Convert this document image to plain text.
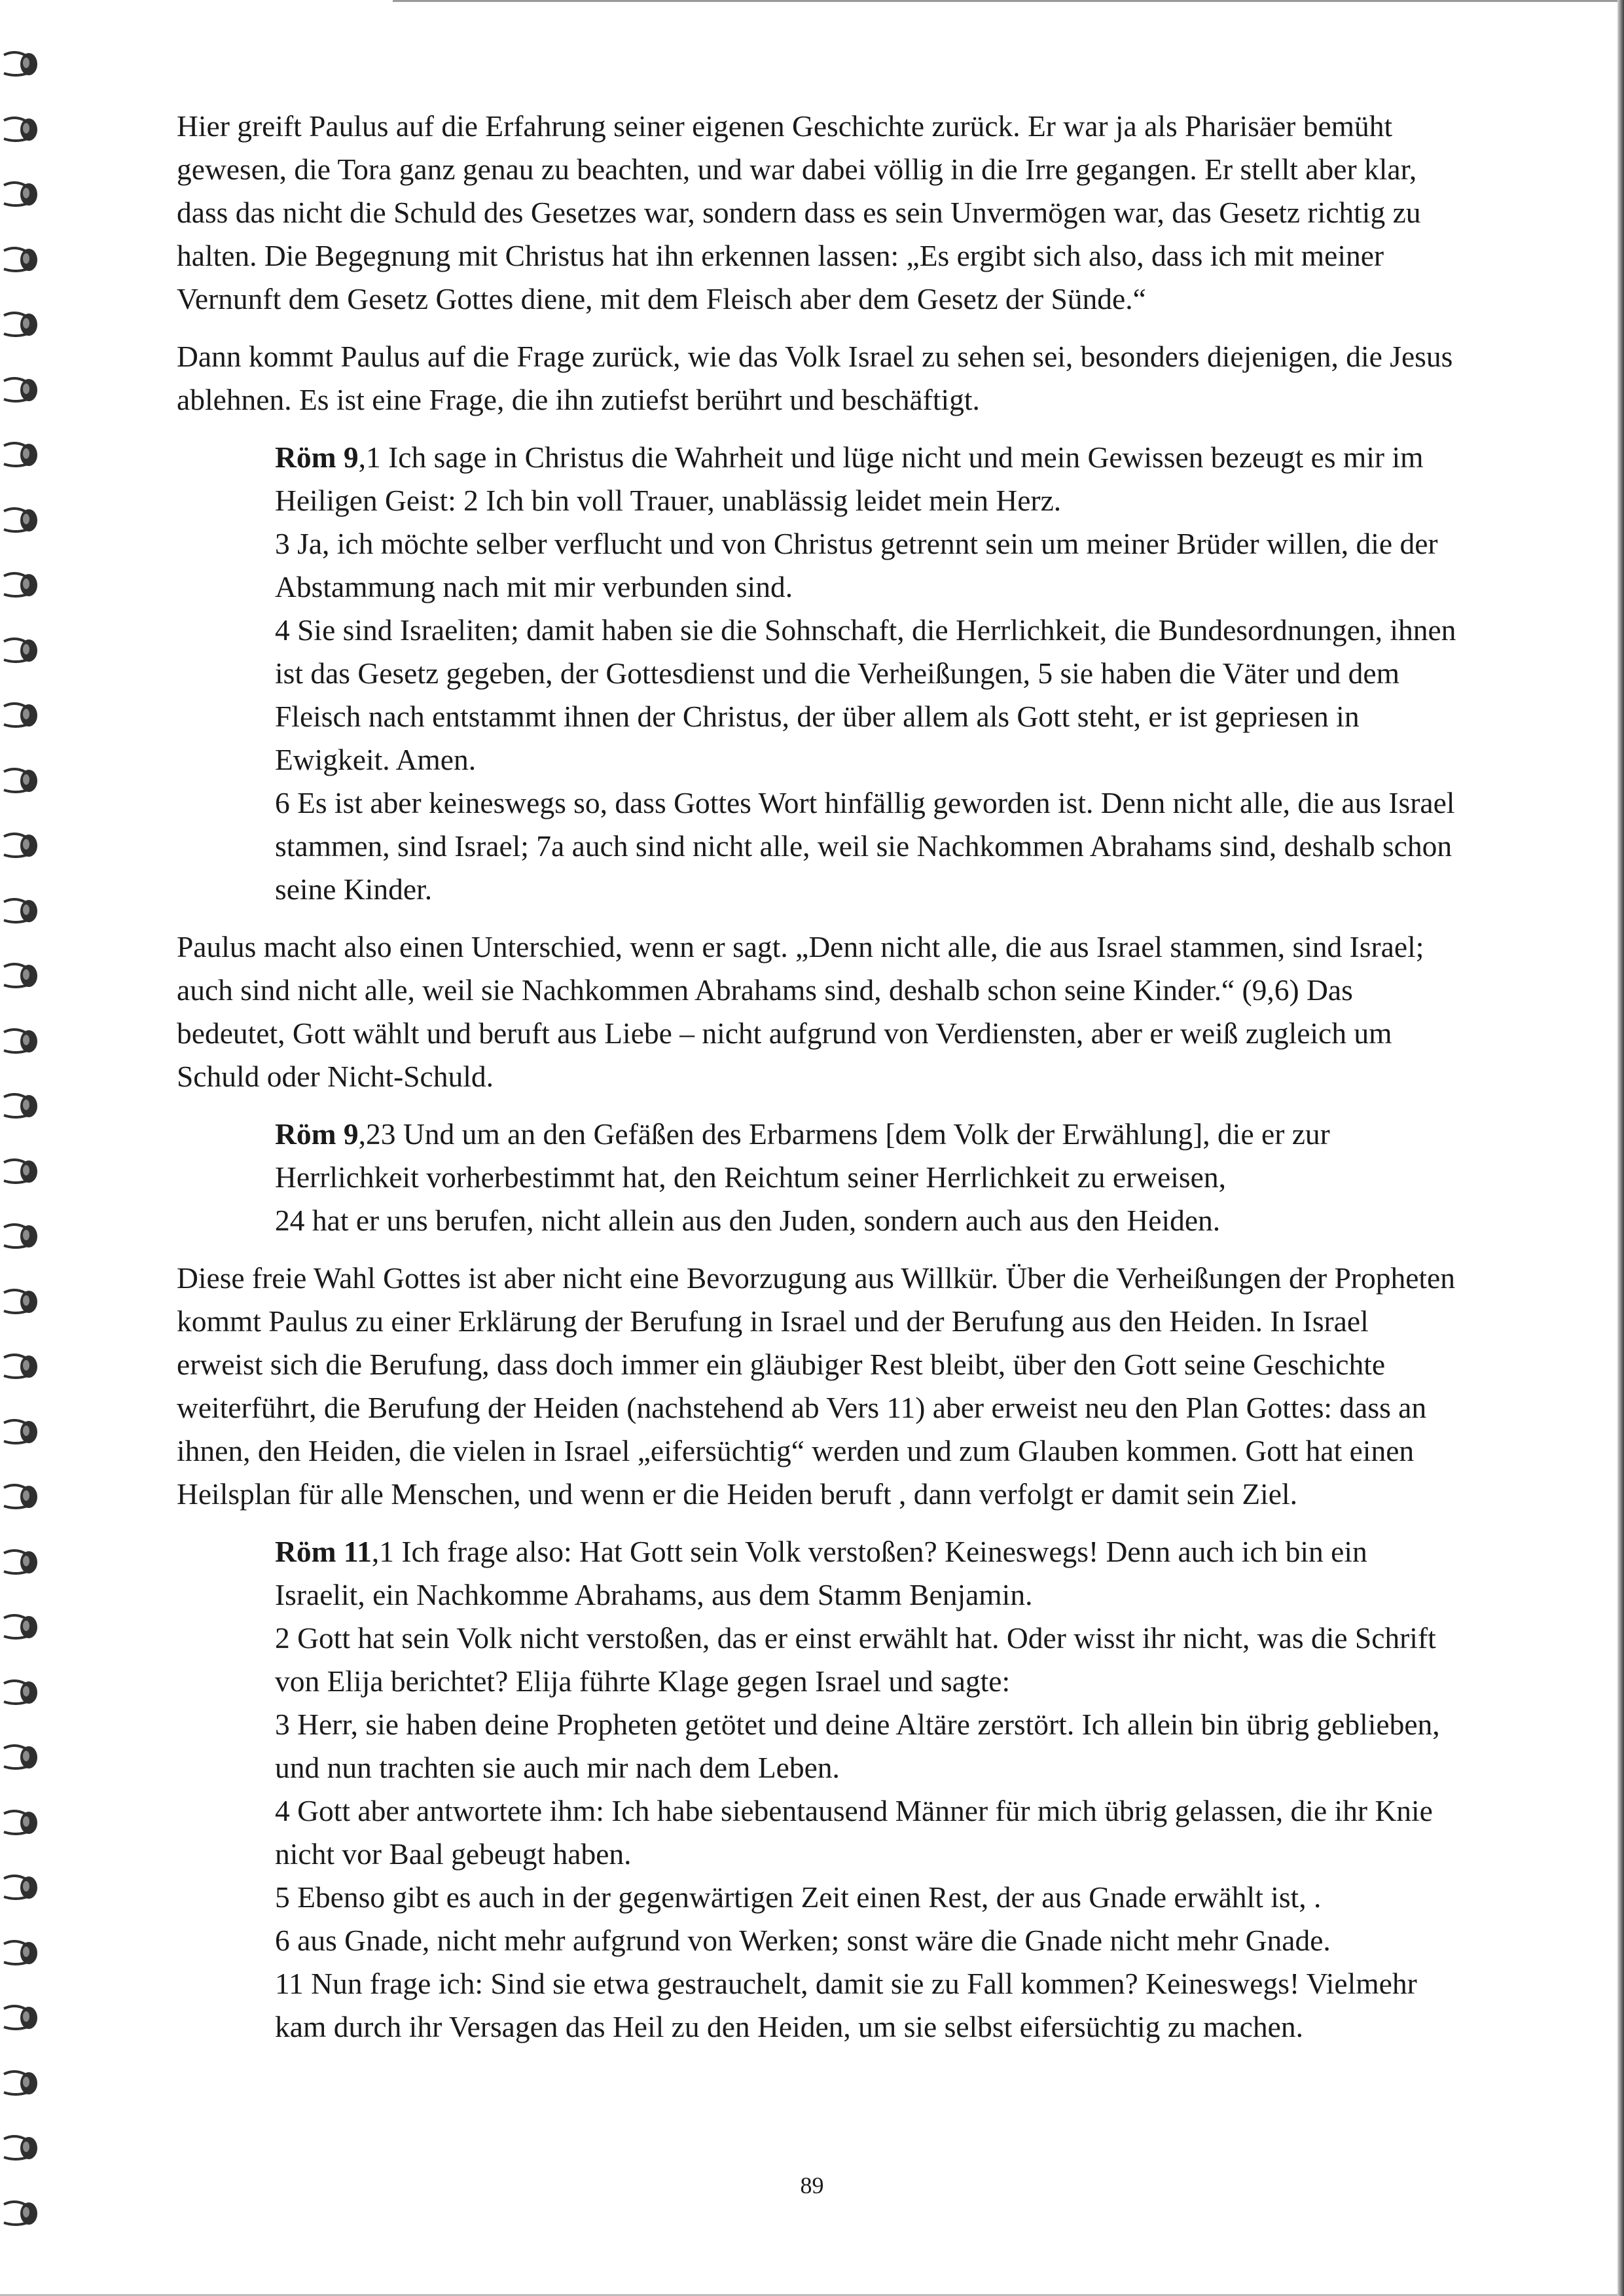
Hier greift Paulus auf die Erfahrung seiner eigenen Geschichte zurück. Er war ja als Pharisäer bemüht gewesen, die Tora ganz genau zu beachten, und war dabei völlig in die Irre gegangen. Er stellt aber klar, dass das nicht die Schuld des Gesetzes war, sondern dass es sein Unvermögen war, das Gesetz richtig zu halten. Die Begegnung mit Christus hat ihn erkennen lassen: „Es ergibt sich also, dass ich mit meiner Vernunft dem Gesetz Gottes diene, mit dem Fleisch aber dem Gesetz der Sünde.“

Dann kommt Paulus auf die Frage zurück, wie das Volk Israel zu sehen sei, besonders diejenigen, die Jesus ablehnen. Es ist eine Frage, die ihn zutiefst berührt und beschäftigt.

Röm 9,1 Ich sage in Christus die Wahrheit und lüge nicht und mein Gewissen bezeugt es mir im Heiligen Geist: 2 Ich bin voll Trauer, unablässig leidet mein Herz.

3 Ja, ich möchte selber verflucht und von Christus getrennt sein um meiner Brüder willen, die der Abstammung nach mit mir verbunden sind.

4 Sie sind Israeliten; damit haben sie die Sohnschaft, die Herrlichkeit, die Bundesordnungen, ihnen ist das Gesetz gegeben, der Gottesdienst und die Verheißungen, 5 sie haben die Väter und dem Fleisch nach entstammt ihnen der Christus, der über allem als Gott steht, er ist gepriesen in Ewigkeit. Amen.

6 Es ist aber keineswegs so, dass Gottes Wort hinfällig geworden ist. Denn nicht alle, die aus Israel stammen, sind Israel; 7a auch sind nicht alle, weil sie Nachkommen Abrahams sind, deshalb schon seine Kinder.

Paulus macht also einen Unterschied, wenn er sagt. „Denn nicht alle, die aus Israel stammen, sind Israel; auch sind nicht alle, weil sie Nachkommen Abrahams sind, deshalb schon seine Kinder.“ (9,6) Das bedeutet, Gott wählt und beruft aus Liebe – nicht aufgrund von Verdiensten, aber er weiß zugleich um Schuld oder Nicht-Schuld.

Röm 9,23 Und um an den Gefäßen des Erbarmens [dem Volk der Erwählung], die er zur Herrlichkeit vorherbestimmt hat, den Reichtum seiner Herrlichkeit zu erweisen,

24 hat er uns berufen, nicht allein aus den Juden, sondern auch aus den Heiden.

Diese freie Wahl Gottes ist aber nicht eine Bevorzugung aus Willkür. Über die Verheißungen der Propheten kommt Paulus zu einer Erklärung der Berufung in Israel und der Berufung aus den Heiden. In Israel erweist sich die Berufung, dass doch immer ein gläubiger Rest bleibt, über den Gott seine Geschichte weiterführt, die Berufung der Heiden (nachstehend ab Vers 11) aber erweist neu den Plan Gottes: dass an ihnen, den Heiden, die vielen in Israel „eifersüchtig“ werden und zum Glauben kommen. Gott hat einen Heilsplan für alle Menschen, und wenn er die Heiden beruft , dann verfolgt er damit sein Ziel.

Röm 11,1 Ich frage also: Hat Gott sein Volk verstoßen? Keineswegs! Denn auch ich bin ein Israelit, ein Nachkomme Abrahams, aus dem Stamm Benjamin.

2 Gott hat sein Volk nicht verstoßen, das er einst erwählt hat. Oder wisst ihr nicht, was die Schrift von Elija berichtet? Elija führte Klage gegen Israel und sagte:

3 Herr, sie haben deine Propheten getötet und deine Altäre zerstört. Ich allein bin übrig geblieben, und nun trachten sie auch mir nach dem Leben.

4 Gott aber antwortete ihm: Ich habe siebentausend Männer für mich übrig gelassen, die ihr Knie nicht vor Baal gebeugt haben.

5 Ebenso gibt es auch in der gegenwärtigen Zeit einen Rest, der aus Gnade erwählt ist, .

6 aus Gnade, nicht mehr aufgrund von Werken; sonst wäre die Gnade nicht mehr Gnade.

11 Nun frage ich: Sind sie etwa gestrauchelt, damit sie zu Fall kommen? Keineswegs! Vielmehr kam durch ihr Versagen das Heil zu den Heiden, um sie selbst eifersüchtig zu machen.

89
